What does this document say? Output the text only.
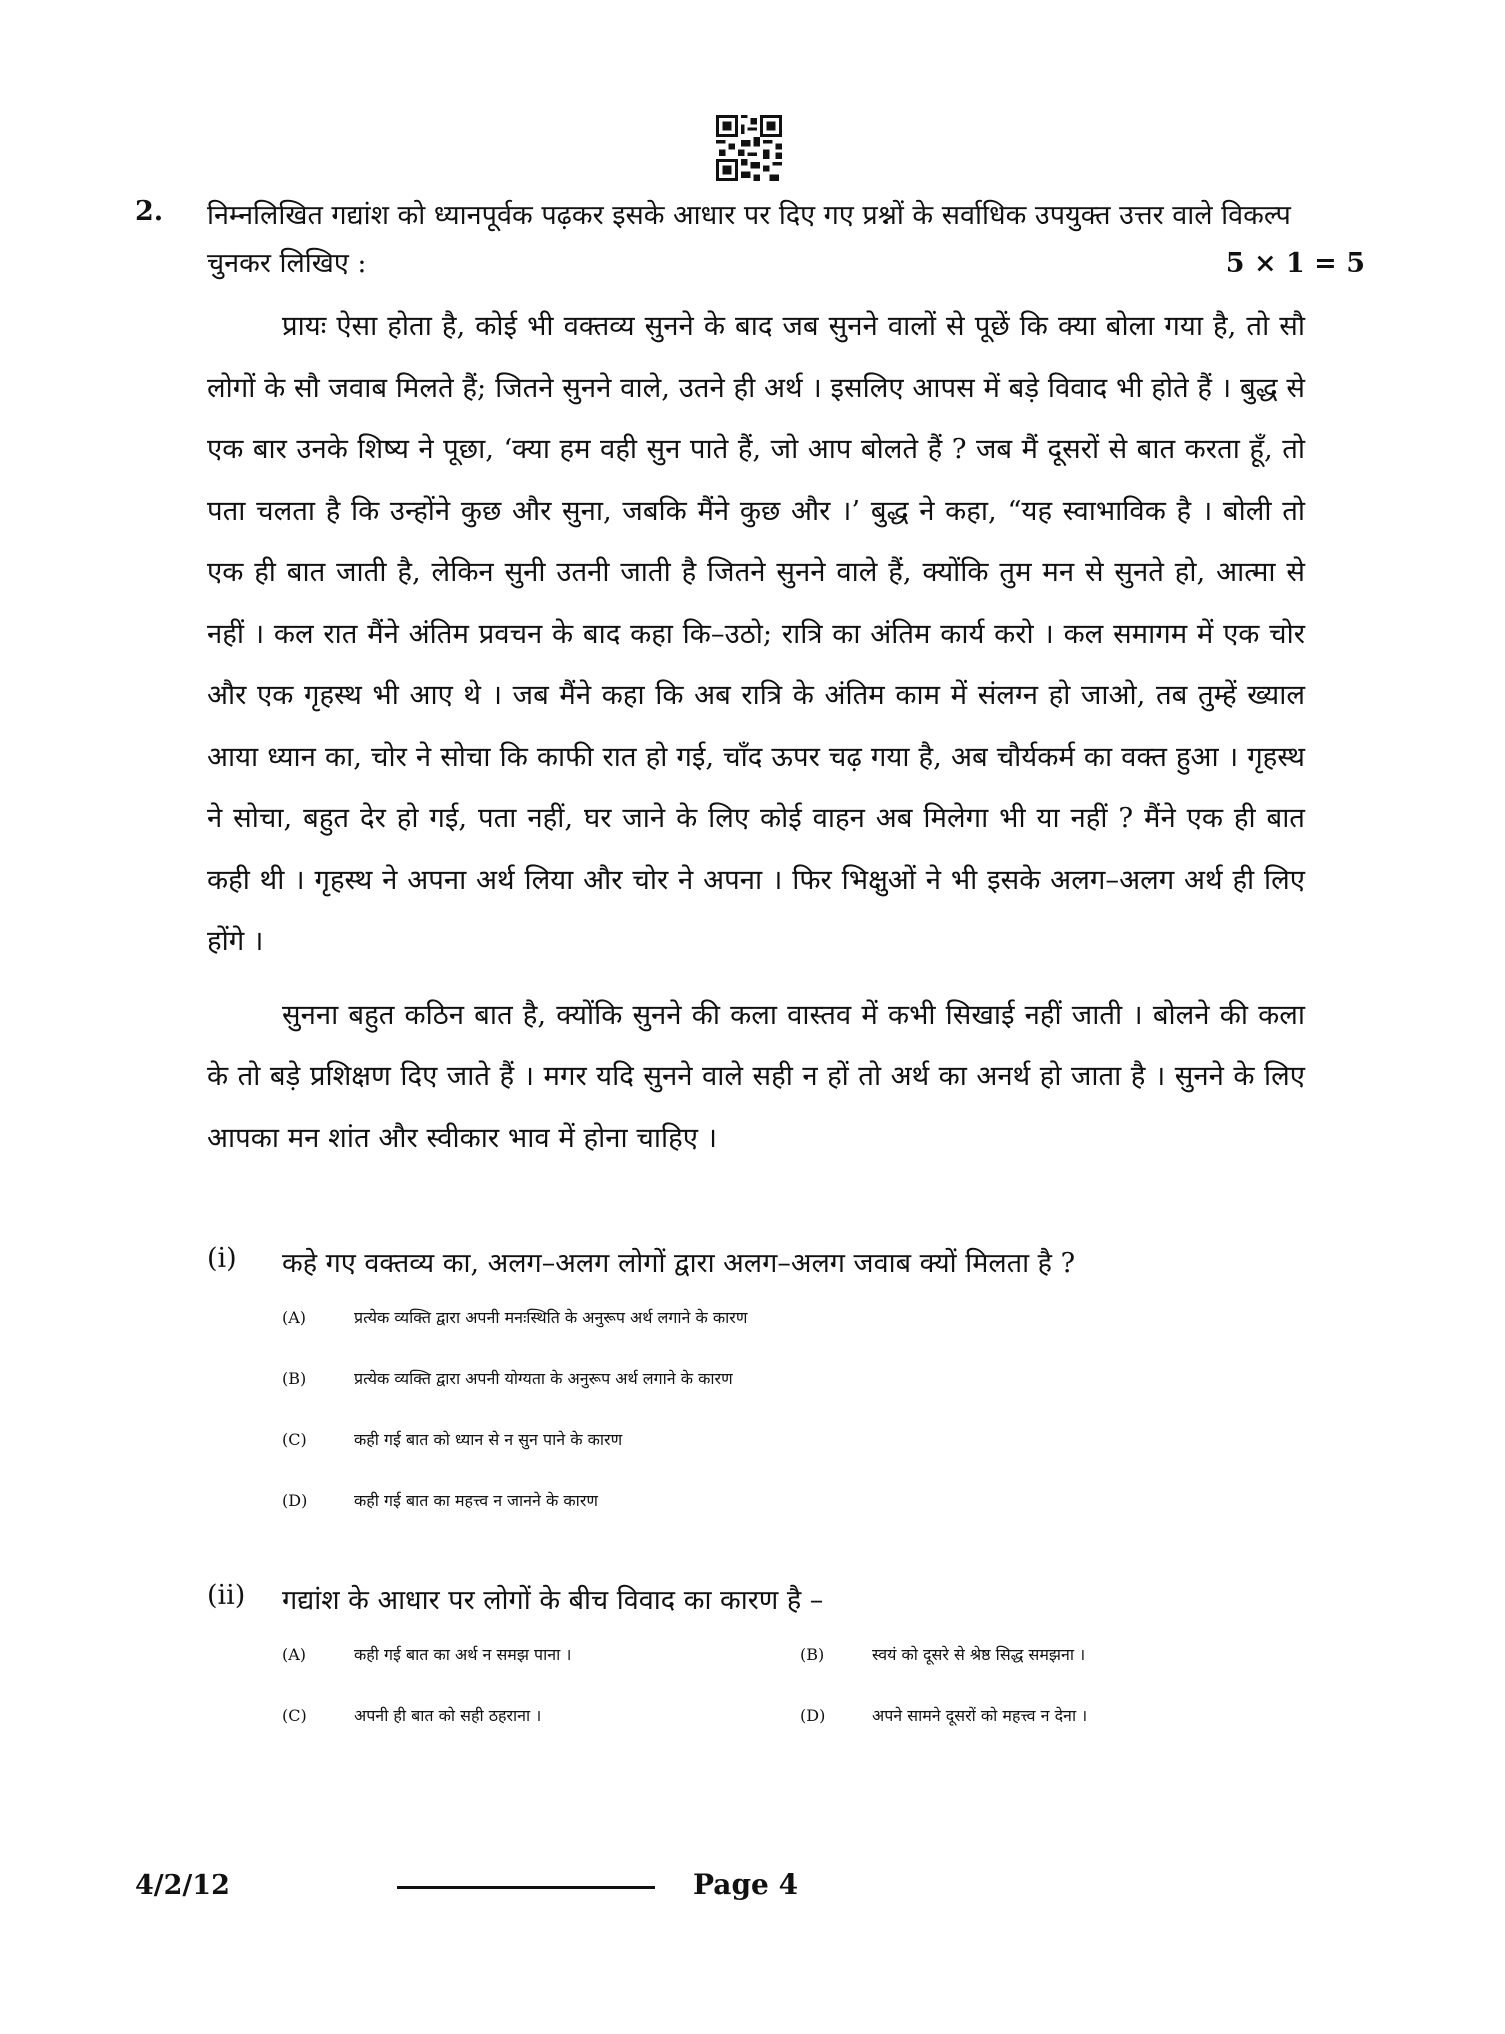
2. निम्नलिखित गद्यांश को ध्यानपूर्वक पढ़कर इसके आधार पर दिए गए प्रश्नों के सर्वाधिक उपयुक्त उत्तर वाले विकल्प चुनकर लिखिए :	5 × 1 = 5

प्रायः ऐसा होता है, कोई भी वक्तव्य सुनने के बाद जब सुनने वालों से पूछें कि क्या बोला गया है, तो सौ लोगों के सौ जवाब मिलते हैं; जितने सुनने वाले, उतने ही अर्थ । इसलिए आपस में बड़े विवाद भी होते हैं । बुद्ध से एक बार उनके शिष्य ने पूछा, ‘क्या हम वही सुन पाते हैं, जो आप बोलते हैं ? जब मैं दूसरों से बात करता हूँ, तो पता चलता है कि उन्होंने कुछ और सुना, जबकि मैंने कुछ और ।’ बुद्ध ने कहा, “यह स्वाभाविक है । बोली तो एक ही बात जाती है, लेकिन सुनी उतनी जाती है जितने सुनने वाले हैं, क्योंकि तुम मन से सुनते हो, आत्मा से नहीं । कल रात मैंने अंतिम प्रवचन के बाद कहा कि–उठो; रात्रि का अंतिम कार्य करो । कल समागम में एक चोर और एक गृहस्थ भी आए थे । जब मैंने कहा कि अब रात्रि के अंतिम काम में संलग्न हो जाओ, तब तुम्हें ख्याल आया ध्यान का, चोर ने सोचा कि काफी रात हो गई, चाँद ऊपर चढ़ गया है, अब चौर्यकर्म का वक्त हुआ । गृहस्थ ने सोचा, बहुत देर हो गई, पता नहीं, घर जाने के लिए कोई वाहन अब मिलेगा भी या नहीं ? मैंने एक ही बात कही थी । गृहस्थ ने अपना अर्थ लिया और चोर ने अपना । फिर भिक्षुओं ने भी इसके अलग–अलग अर्थ ही लिए होंगे ।

सुनना बहुत कठिन बात है, क्योंकि सुनने की कला वास्तव में कभी सिखाई नहीं जाती । बोलने की कला के तो बड़े प्रशिक्षण दिए जाते हैं । मगर यदि सुनने वाले सही न हों तो अर्थ का अनर्थ हो जाता है । सुनने के लिए आपका मन शांत और स्वीकार भाव में होना चाहिए ।

(i) कहे गए वक्तव्य का, अलग–अलग लोगों द्वारा अलग–अलग जवाब क्यों मिलता है ?
(A)	प्रत्येक व्यक्ति द्वारा अपनी मनःस्थिति के अनुरूप अर्थ लगाने के कारण
(B)	प्रत्येक व्यक्ति द्वारा अपनी योग्यता के अनुरूप अर्थ लगाने के कारण
(C)	कही गई बात को ध्यान से न सुन पाने के कारण
(D)	कही गई बात का महत्त्व न जानने के कारण
(ii) गद्यांश के आधार पर लोगों के बीच विवाद का कारण है –
(A)	कही गई बात का अर्थ न समझ पाना ।	(B)	स्वयं को दूसरे से श्रेष्ठ सिद्ध समझना ।
(C)	अपनी ही बात को सही ठहराना ।	(D)	अपने सामने दूसरों को महत्त्व न देना ।
4/2/12	Page 4
